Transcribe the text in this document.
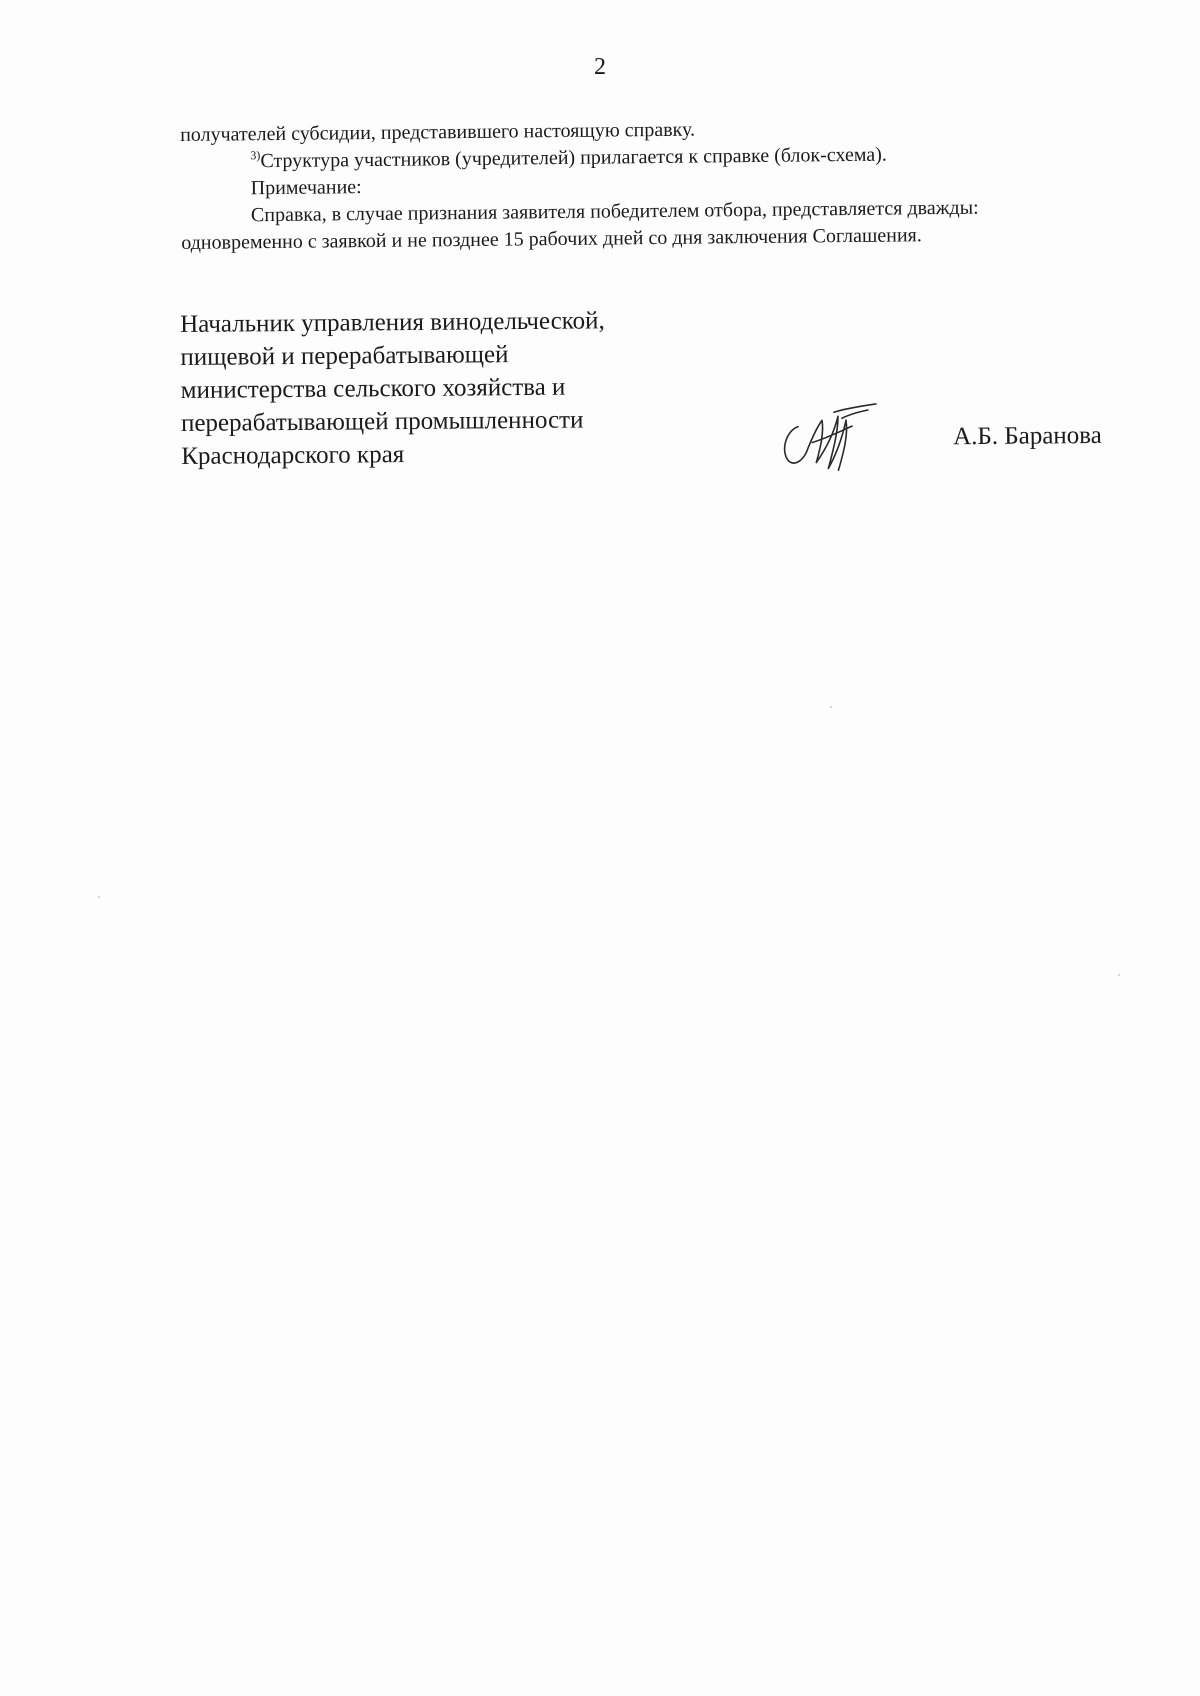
2

получателей субсидии, представившего настоящую справку.

$^{3)}$Структура участников (учредителей) прилагается к справке (блок-схема).

Примечание:

Справка, в случае признания заявителя победителем отбора, представляется дважды:

одновременно с заявкой и не позднее 15 рабочих дней со дня заключения Соглашения.

Начальник управления винодельческой,
пищевой и перерабатывающей
министерства сельского хозяйства и
перерабатывающей промышленности
Краснодарского края
А.Б. Баранова
